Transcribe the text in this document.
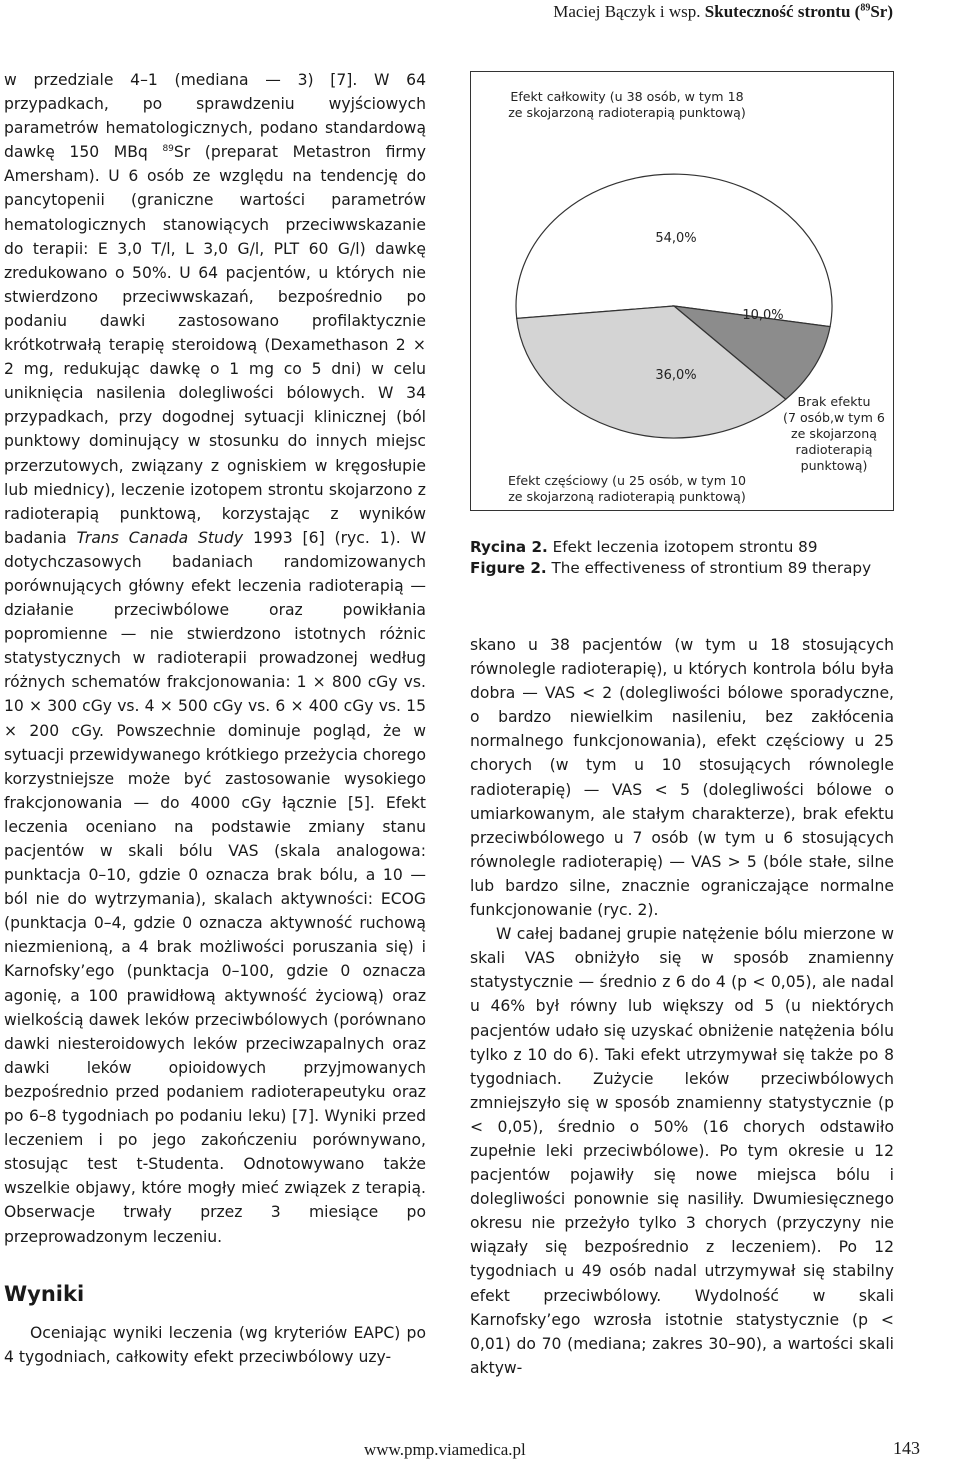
Maciej Bączyk i wsp. Skuteczność strontu ($^{89}$Sr)

w przedziale 4–1 (mediana — 3) [7]. W 64 przypadkach, po sprawdzeniu wyjściowych parametrów hematologicznych, podano standardową dawkę 150 MBq $^{89}$Sr (preparat Metastron firmy Amersham). U 6 osób ze względu na tendencję do pancytopenii (graniczne wartości parametrów hematologicznych stanowiących przeciwwskazanie do terapii: E 3,0 T/l, L 3,0 G/l, PLT 60 G/l) dawkę zredukowano o 50%. U 64 pacjentów, u których nie stwierdzono przeciwwskazań, bezpośrednio po podaniu dawki zastosowano profilaktycznie krótkotrwałą terapię steroidową (Dexamethason 2 × 2 mg, redukując dawkę o 1 mg co 5 dni) w celu uniknięcia nasilenia dolegliwości bólowych. W 34 przypadkach, przy dogodnej sytuacji klinicznej (ból punktowy dominujący w stosunku do innych miejsc przerzutowych, związany z ogniskiem w kręgosłupie lub miednicy), leczenie izotopem strontu skojarzono z radioterapią punktową, korzystając z wyników badania Trans Canada Study 1993 [6] (ryc. 1). W dotychczasowych badaniach randomizowanych porównujących główny efekt leczenia radioterapią — działanie przeciwbólowe oraz powikłania popromienne — nie stwierdzono istotnych różnic statystycznych w radioterapii prowadzonej według różnych schematów frakcjonowania: 1 × 800 cGy vs. 10 × 300 cGy vs. 4 × 500 cGy vs. 6 × 400 cGy vs. 15 × 200 cGy. Powszechnie dominuje pogląd, że w sytuacji przewidywanego krótkiego przeżycia chorego korzystniejsze może być zastosowanie wysokiego frakcjonowania — do 4000 cGy łącznie [5]. Efekt leczenia oceniano na podstawie zmiany stanu pacjentów w skali bólu VAS (skala analogowa: punktacja 0–10, gdzie 0 oznacza brak bólu, a 10 — ból nie do wytrzymania), skalach aktywności: ECOG (punktacja 0–4, gdzie 0 oznacza aktywność ruchową niezmienioną, a 4 brak możliwości poruszania się) i Karnofsky’ego (punktacja 0–100, gdzie 0 oznacza agonię, a 100 prawidłową aktywność życiową) oraz wielkością dawek leków przeciwbólowych (porównano dawki niesteroidowych leków przeciwzapalnych oraz dawki leków opioidowych przyjmowanych bezpośrednio przed podaniem radioterapeutyku oraz po 6–8 tygodniach po podaniu leku) [7]. Wyniki przed leczeniem i po jego zakończeniu porównywano, stosując test t-Studenta. Odnotowywano także wszelkie objawy, które mogły mieć związek z terapią. Obserwacje trwały przez 3 miesiące po przeprowadzonym leczeniu.

Wyniki

Oceniając wyniki leczenia (wg kryteriów EAPC) po 4 tygodniach, całkowity efekt przeciwbólowy uzy-

Efekt całkowity (u 38 osób, w tym 18
ze skojarzoną radioterapią punktową)
Efekt częściowy (u 25 osób, w tym 10
ze skojarzoną radioterapią punktową)
Brak efektu
(7 osób,w tym 6
ze skojarzoną
radioterapią
punktową)
54,0%
10,0%
36,0%
Rycina 2. Efekt leczenia izotopem strontu 89
Figure 2. The effectiveness of strontium 89 therapy

skano u 38 pacjentów (w tym u 18 stosujących równolegle radioterapię), u których kontrola bólu była dobra — VAS < 2 (dolegliwości bólowe sporadyczne, o bardzo niewielkim nasileniu, bez zakłócenia normalnego funkcjonowania), efekt częściowy u 25 chorych (w tym u 10 stosujących równolegle radioterapię) — VAS < 5 (dolegliwości bólowe o umiarkowanym, ale stałym charakterze), brak efektu przeciwbólowego u 7 osób (w tym u 6 stosujących równolegle radioterapię) — VAS > 5 (bóle stałe, silne lub bardzo silne, znacznie ograniczające normalne funkcjonowanie (ryc. 2).

W całej badanej grupie natężenie bólu mierzone w skali VAS obniżyło się w sposób znamienny statystycznie — średnio z 6 do 4 (p < 0,05), ale nadal u 46% był równy lub większy od 5 (u niektórych pacjentów udało się uzyskać obniżenie natężenia bólu tylko z 10 do 6). Taki efekt utrzymywał się także po 8 tygodniach. Zużycie leków przeciwbólowych zmniejszyło się w sposób znamienny statystycznie (p < 0,05), średnio o 50% (16 chorych odstawiło zupełnie leki przeciwbólowe). Po tym okresie u 12 pacjentów pojawiły się nowe miejsca bólu i dolegliwości ponownie się nasiliły. Dwumiesięcznego okresu nie przeżyło tylko 3 chorych (przyczyny nie wiązały się bezpośrednio z leczeniem). Po 12 tygodniach u 49 osób nadal utrzymywał się stabilny efekt przeciwbólowy. Wydolność w skali Karnofsky’ego wzrosła istotnie statystycznie (p < 0,01) do 70 (mediana; zakres 30–90), a wartości skali aktyw-

www.pmp.viamedica.pl	143
